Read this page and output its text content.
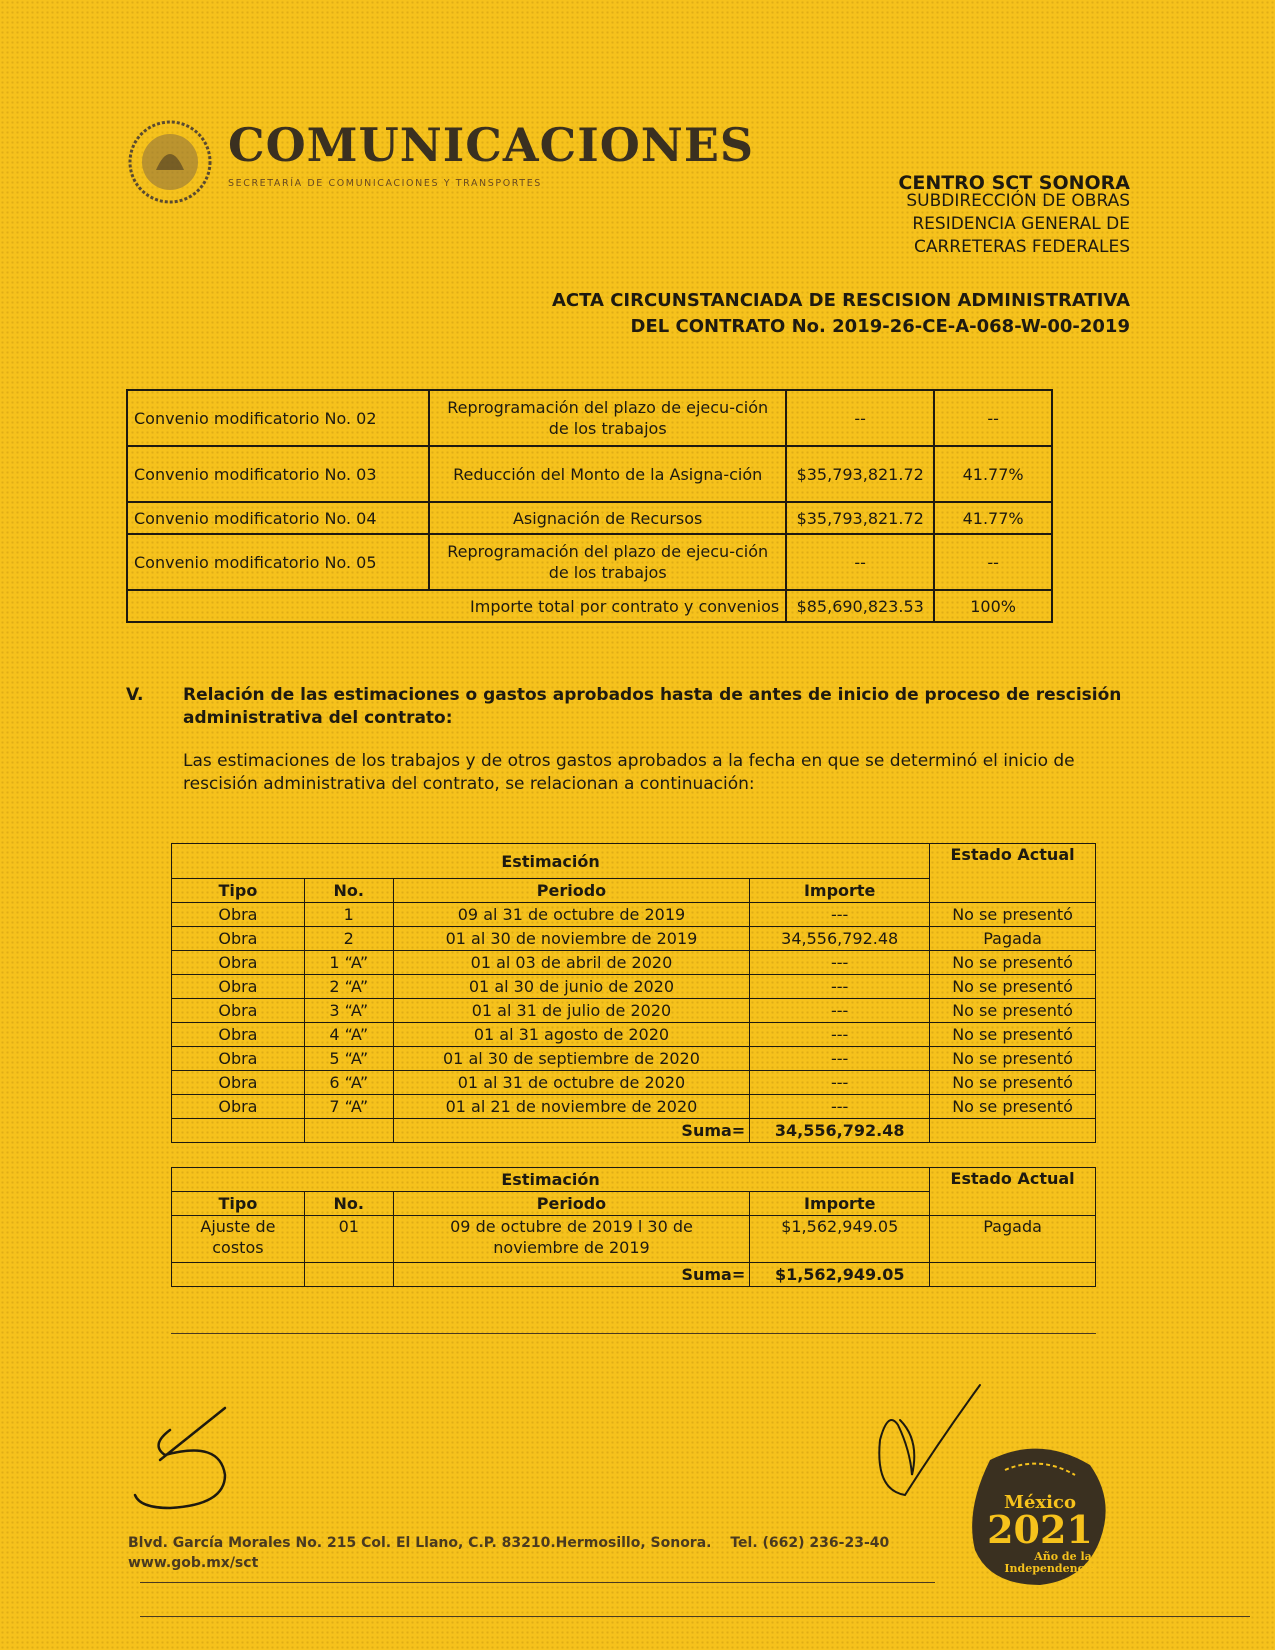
COMUNICACIONES
SECRETARÍA DE COMUNICACIONES Y TRANSPORTES	CENTRO SCT SONORA
SUBDIRECCIÓN DE OBRAS
RESIDENCIA GENERAL DE
CARRETERAS FEDERALES
ACTA CIRCUNSTANCIADA DE RESCISION ADMINISTRATIVA
DEL CONTRATO No. 2019-26-CE-A-068-W-00-2019
Convenio modificatorio No. 02	Reprogramación del plazo de ejecu-ción de los trabajos	--	--
Convenio modificatorio No. 03	Reducción del Monto de la Asigna-ción	$35,793,821.72	41.77%
Convenio modificatorio No. 04	Asignación de Recursos	$35,793,821.72	41.77%
Convenio modificatorio No. 05	Reprogramación del plazo de ejecu-ción de los trabajos	--	--
Importe total por contrato y convenios		$85,690,823.53	100%
V. Relación de las estimaciones o gastos aprobados hasta de antes de inicio de proceso de rescisión administrativa del contrato:
Las estimaciones de los trabajos y de otros gastos aprobados a la fecha en que se determinó el inicio de rescisión administrativa del contrato, se relacionan a continuación:
Estimación				Estado Actual
Tipo	No.	Periodo	Importe	
Obra	1	09 al 31 de octubre de 2019	---	No se presentó
Obra	2	01 al 30 de noviembre de 2019	34,556,792.48	Pagada
Obra	1 “A”	01 al 03 de abril de 2020	---	No se presentó
Obra	2 “A”	01 al 30 de junio de 2020	---	No se presentó
Obra	3 “A”	01 al 31 de julio de 2020	---	No se presentó
Obra	4 “A”	01 al 31 agosto de 2020	---	No se presentó
Obra	5 “A”	01 al 30 de septiembre de 2020	---	No se presentó
Obra	6 “A”	01 al 31 de octubre de 2020	---	No se presentó
Obra	7 “A”	01 al 21 de noviembre de 2020	---	No se presentó
		Suma=	34,556,792.48	
Estimación				Estado Actual
Tipo	No.	Periodo	Importe	
Ajuste de costos	01	09 de octubre de 2019 l 30 de noviembre de 2019	$1,562,949.05	Pagada
		Suma=	$1,562,949.05	
Blvd. García Morales No. 215 Col. El Llano, C.P. 83210.Hermosillo, Sonora. Tel. (662) 236-23-40
www.gob.mx/sct
México
2021
Año de la
Independencia
